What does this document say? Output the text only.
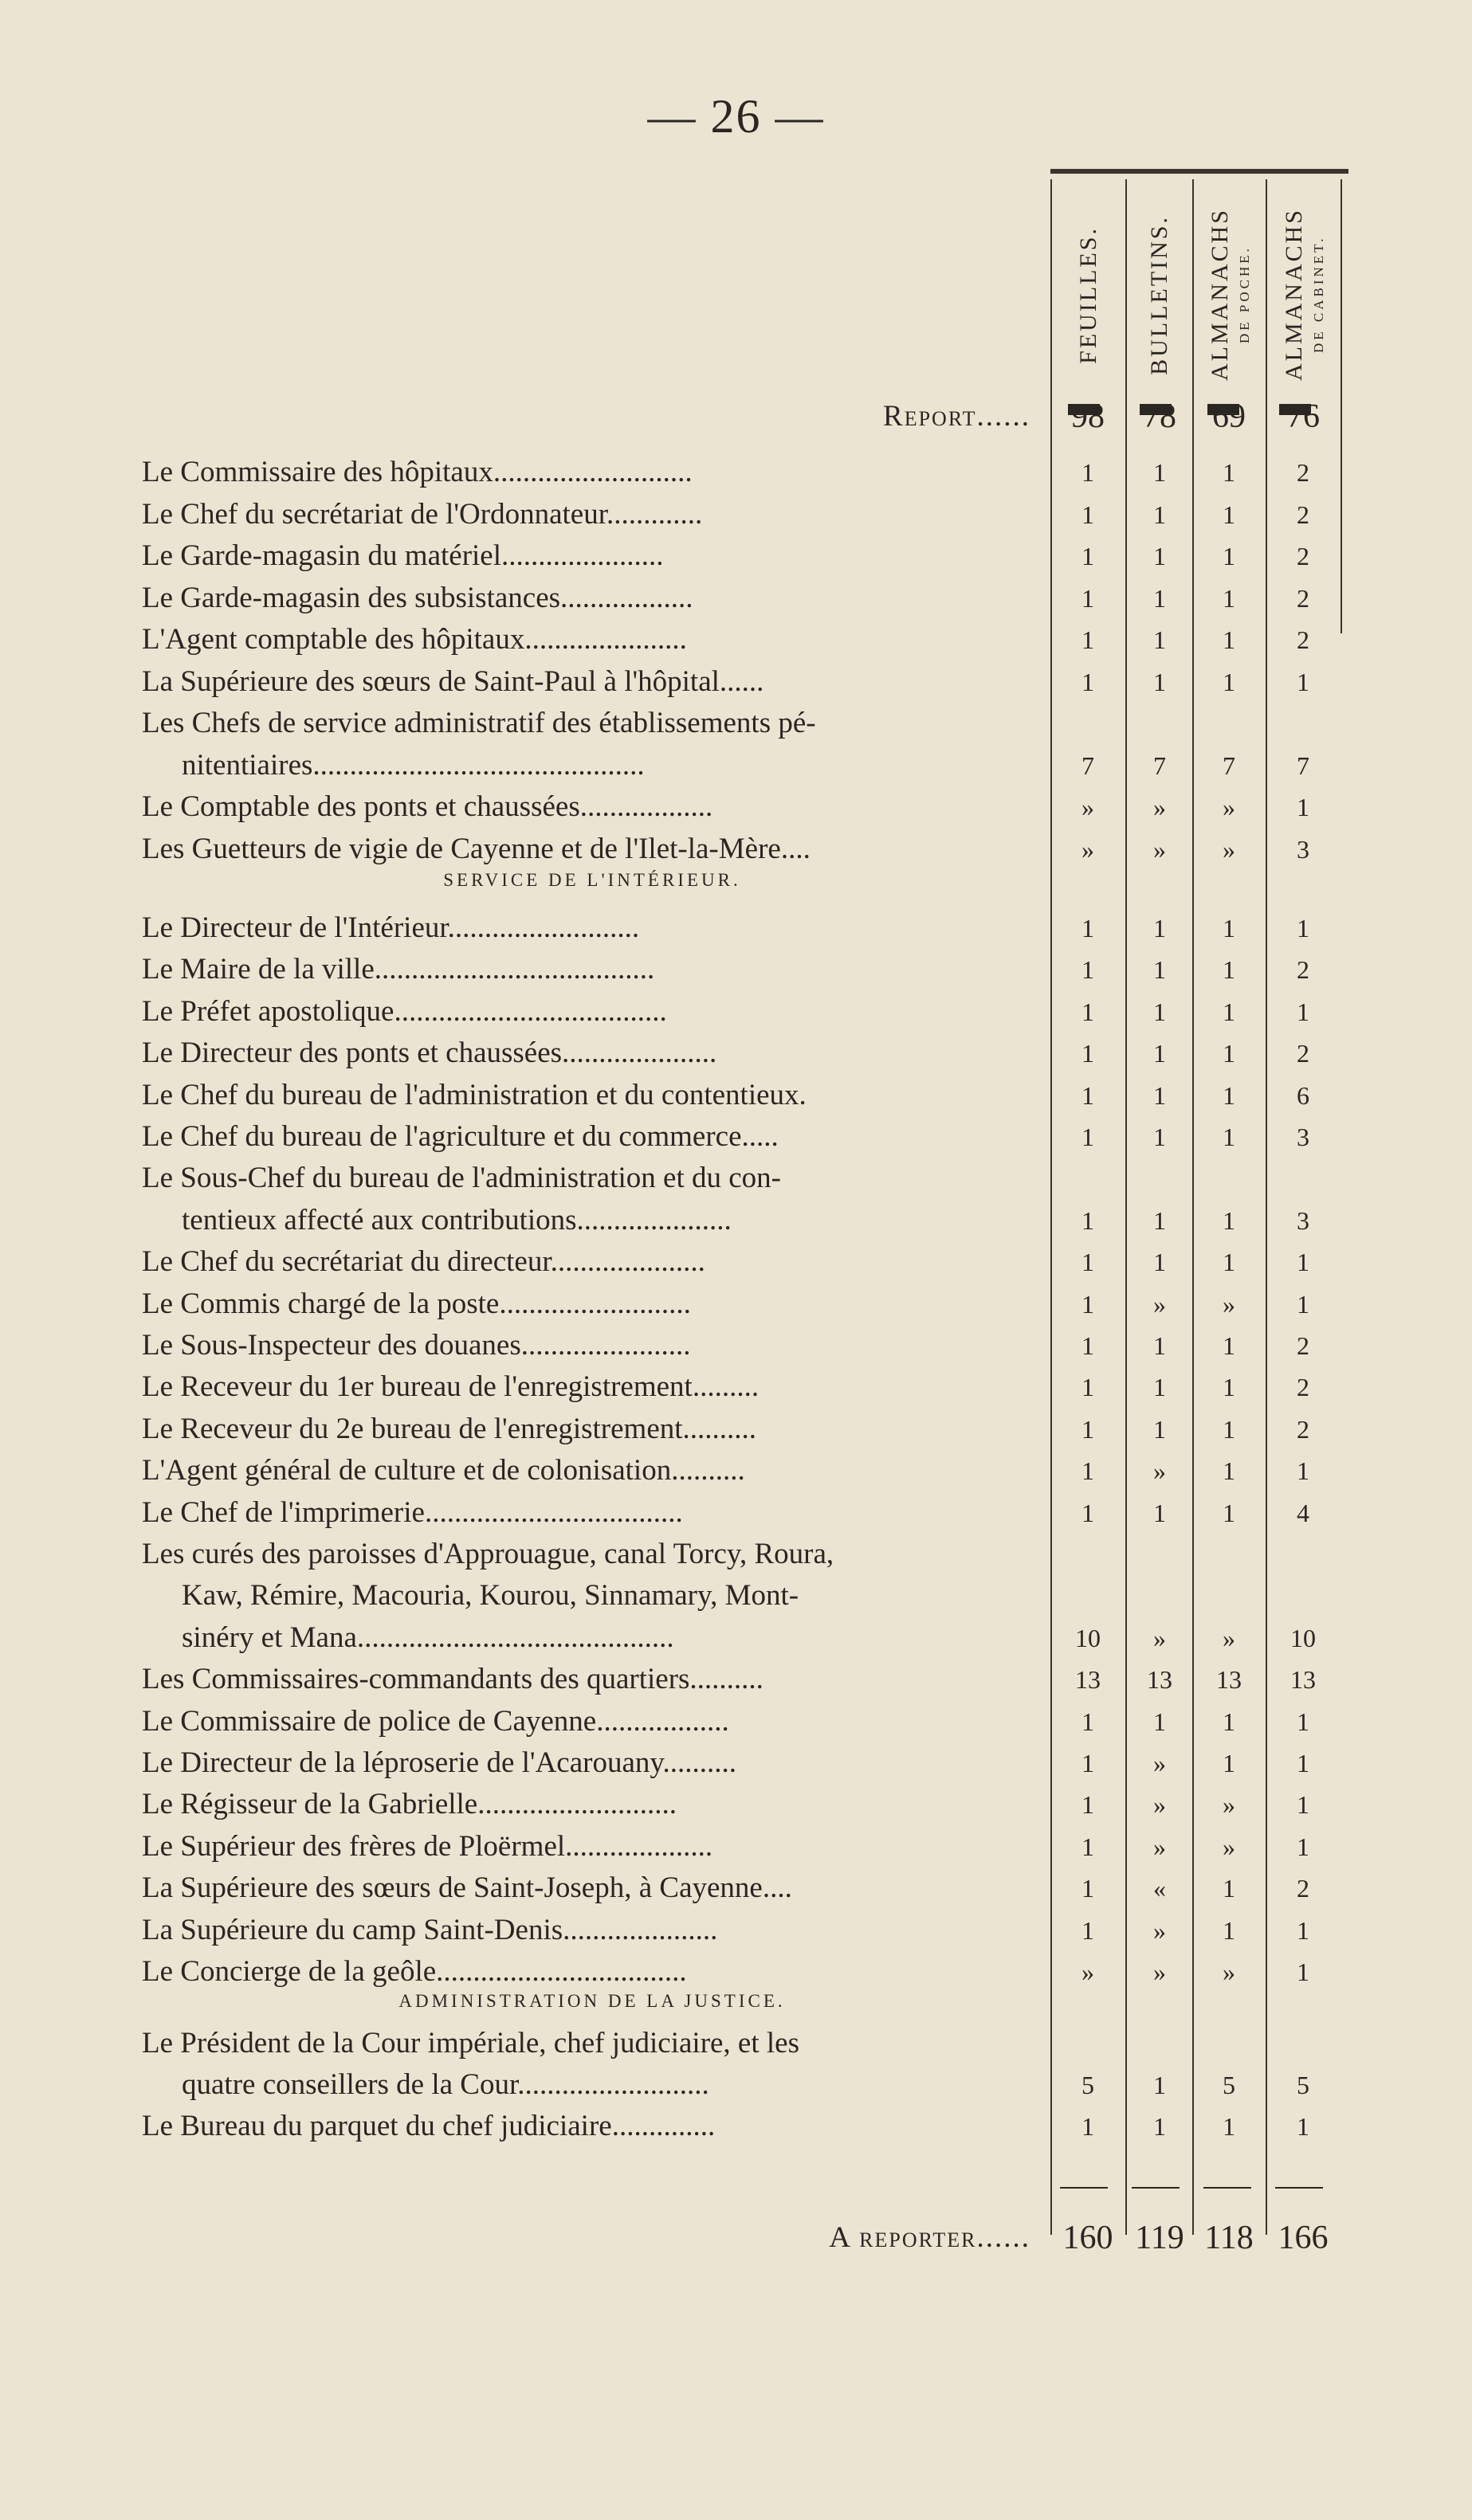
— 26 —
FEUILLES. BULLETINS. ALMANACHS DE POCHE. ALMANACHS DE CABINET.
Report......	98	78	69	76
Le Commissaire des hôpitaux...........................	1	1	1	2
Le Chef du secrétariat de l'Ordonnateur.............	1	1	1	2
Le Garde-magasin du matériel......................	1	1	1	2
Le Garde-magasin des subsistances..................	1	1	1	2
L'Agent comptable des hôpitaux......................	1	1	1	2
La Supérieure des sœurs de Saint-Paul à l'hôpital......	1	1	1	1
Les Chefs de service administratif des établissements pé-
nitentiaires.............................................	7	7	7	7
Le Comptable des ponts et chaussées..................	»	»	»	1
Les Guetteurs de vigie de Cayenne et de l'Ilet-la-Mère....	»	»	»	3
SERVICE DE L'INTÉRIEUR.
Le Directeur de l'Intérieur..........................	1	1	1	1
Le Maire de la ville......................................	1	1	1	2
Le Préfet apostolique.....................................	1	1	1	1
Le Directeur des ponts et chaussées.....................	1	1	1	2
Le Chef du bureau de l'administration et du contentieux.	1	1	1	6
Le Chef du bureau de l'agriculture et du commerce.....	1	1	1	3
Le Sous-Chef du bureau de l'administration et du con-
tentieux affecté aux contributions.....................	1	1	1	3
Le Chef du secrétariat du directeur.....................	1	1	1	1
Le Commis chargé de la poste..........................	1	»	»	1
Le Sous-Inspecteur des douanes.......................	1	1	1	2
Le Receveur du 1er bureau de l'enregistrement.........	1	1	1	2
Le Receveur du 2e bureau de l'enregistrement..........	1	1	1	2
L'Agent général de culture et de colonisation..........	1	»	1	1
Le Chef de l'imprimerie...................................	1	1	1	4
Les curés des paroisses d'Approuague, canal Torcy, Roura,
Kaw, Rémire, Macouria, Kourou, Sinnamary, Mont-
sinéry et Mana...........................................	10	»	»	10
Les Commissaires-commandants des quartiers..........	13	13	13	13
Le Commissaire de police de Cayenne..................	1	1	1	1
Le Directeur de la léproserie de l'Acarouany..........	1	»	1	1
Le Régisseur de la Gabrielle...........................	1	»	»	1
Le Supérieur des frères de Ploërmel....................	1	»	»	1
La Supérieure des sœurs de Saint-Joseph, à Cayenne....	1	«	1	2
La Supérieure du camp Saint-Denis.....................	1	»	1	1
Le Concierge de la geôle..................................	»	»	»	1
ADMINISTRATION DE LA JUSTICE.
Le Président de la Cour impériale, chef judiciaire, et les
quatre conseillers de la Cour..........................	5	1	5	5
Le Bureau du parquet du chef judiciaire..............	1	1	1	1
A reporter...... 160 119 118 166
